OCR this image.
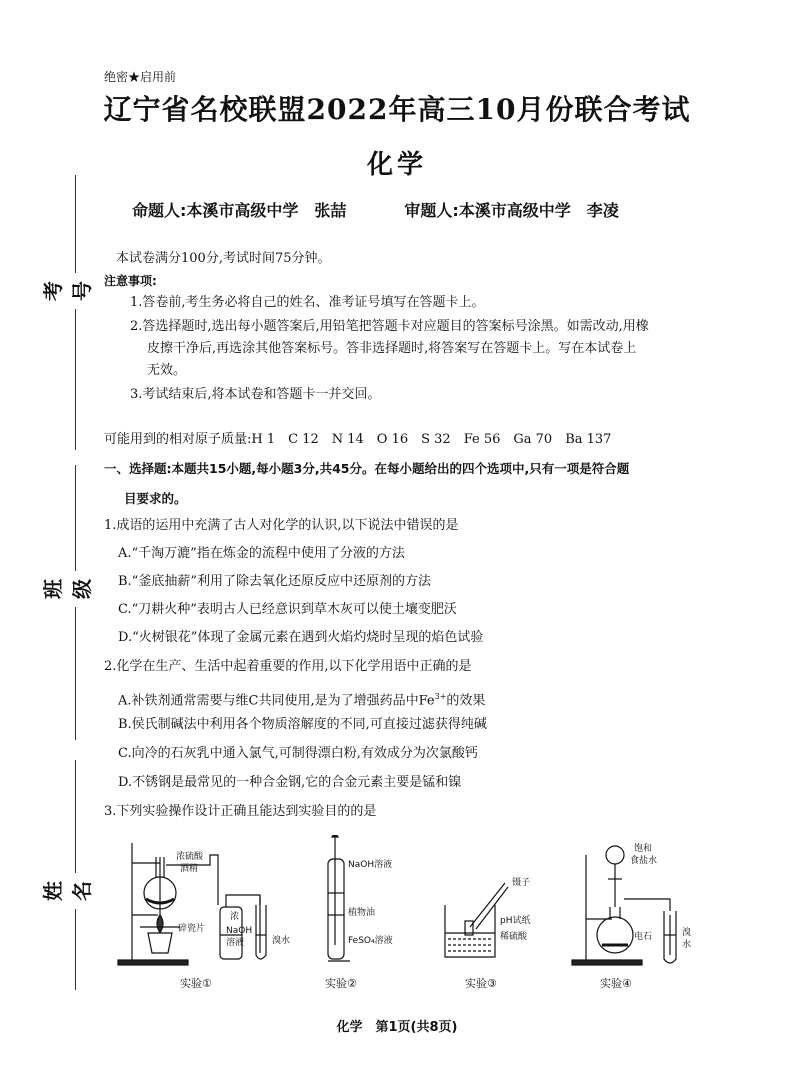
考号
班级
姓名
绝密★启用前
辽宁省名校联盟2022年高三10月份联合考试
化学
命题人:本溪市高级中学　张喆	审题人:本溪市高级中学　李凌
本试卷满分100分,考试时间75分钟。
注意事项:
1.答卷前,考生务必将自己的姓名、准考证号填写在答题卡上。
2.答选择题时,选出每小题答案后,用铅笔把答题卡对应题目的答案标号涂黑。如需改动,用橡
皮擦干净后,再选涂其他答案标号。答非选择题时,将答案写在答题卡上。写在本试卷上
无效。
3.考试结束后,将本试卷和答题卡一并交回。
可能用到的相对原子质量:H 1　C 12　N 14　O 16　S 32　Fe 56　Ga 70　Ba 137
一、选择题:本题共15小题,每小题3分,共45分。在每小题给出的四个选项中,只有一项是符合题
目要求的。
1.成语的运用中充满了古人对化学的认识,以下说法中错误的是
A.“千淘万漉”指在炼金的流程中使用了分液的方法
B.“釜底抽薪”利用了除去氧化还原反应中还原剂的方法
C.“刀耕火种”表明古人已经意识到草木灰可以使土壤变肥沃
D.“火树银花”体现了金属元素在遇到火焰灼烧时呈现的焰色试验
2.化学在生产、生活中起着重要的作用,以下化学用语中正确的是
A.补铁剂通常需要与维C共同使用,是为了增强药品中$Fe^{3+}$的效果
B.侯氏制碱法中利用各个物质溶解度的不同,可直接过滤获得纯碱
C.向冷的石灰乳中通入氯气,可制得漂白粉,有效成分为次氯酸钙
D.不锈钢是最常见的一种合金钢,它的合金元素主要是锰和镍
3.下列实验操作设计正确且能达到实验目的的是
浓硫酸
酒精
碎瓷片
浓
NaOH
溶液	溴水
NaOH溶液
植物油
FeSO₄溶液
镊子
pH试纸
稀硫酸
饱和
食盐水
电石	溴
水
实验①	实验②	实验③	实验④
化学　第1页(共8页)
